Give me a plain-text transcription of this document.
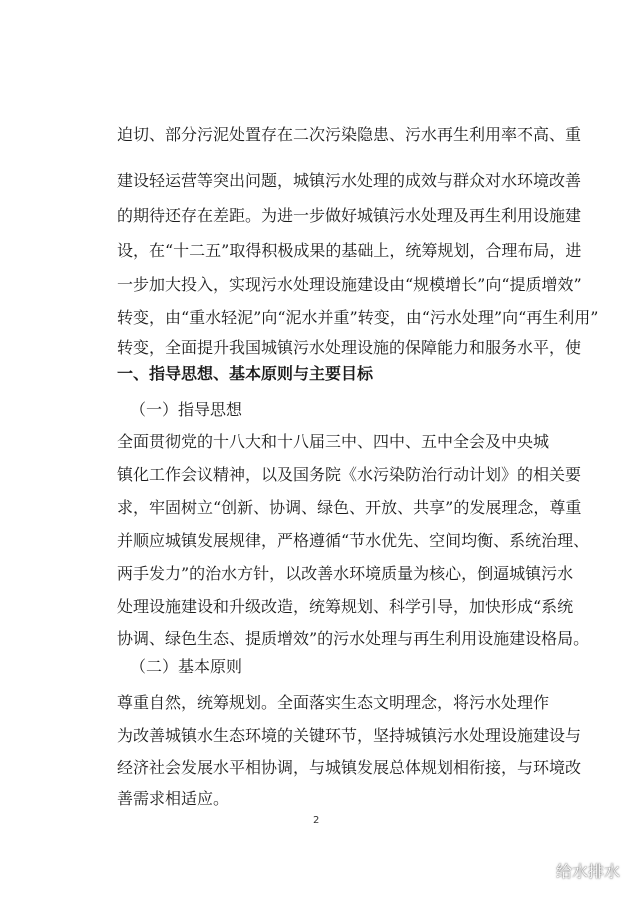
迫切、部分污泥处置存在二次污染隐患、污水再生利用率不高、重
建设轻运营等突出问题，城镇污水处理的成效与群众对水环境改善
的期待还存在差距。为进一步做好城镇污水处理及再生利用设施建
设，在“十二五”取得积极成果的基础上，统筹规划，合理布局，进
一步加大投入，实现污水处理设施建设由“规模增长”向“提质增效”
转变，由“重水轻泥”向“泥水并重”转变，由“污水处理”向“再生利用”
转变，全面提升我国城镇污水处理设施的保障能力和服务水平，使
一、指导思想、基本原则与主要目标
（一）指导思想
全面贯彻党的十八大和十八届三中、四中、五中全会及中央城
镇化工作会议精神，以及国务院《水污染防治行动计划》的相关要
求，牢固树立“创新、协调、绿色、开放、共享”的发展理念，尊重
并顺应城镇发展规律，严格遵循“节水优先、空间均衡、系统治理、
两手发力”的治水方针，以改善水环境质量为核心，倒逼城镇污水
处理设施建设和升级改造，统筹规划、科学引导，加快形成“系统
协调、绿色生态、提质增效”的污水处理与再生利用设施建设格局。
（二）基本原则
尊重自然，统筹规划。全面落实生态文明理念，将污水处理作
为改善城镇水生态环境的关键环节，坚持城镇污水处理设施建设与
经济社会发展水平相协调，与城镇发展总体规划相衔接，与环境改
善需求相适应。
2
给水排水
